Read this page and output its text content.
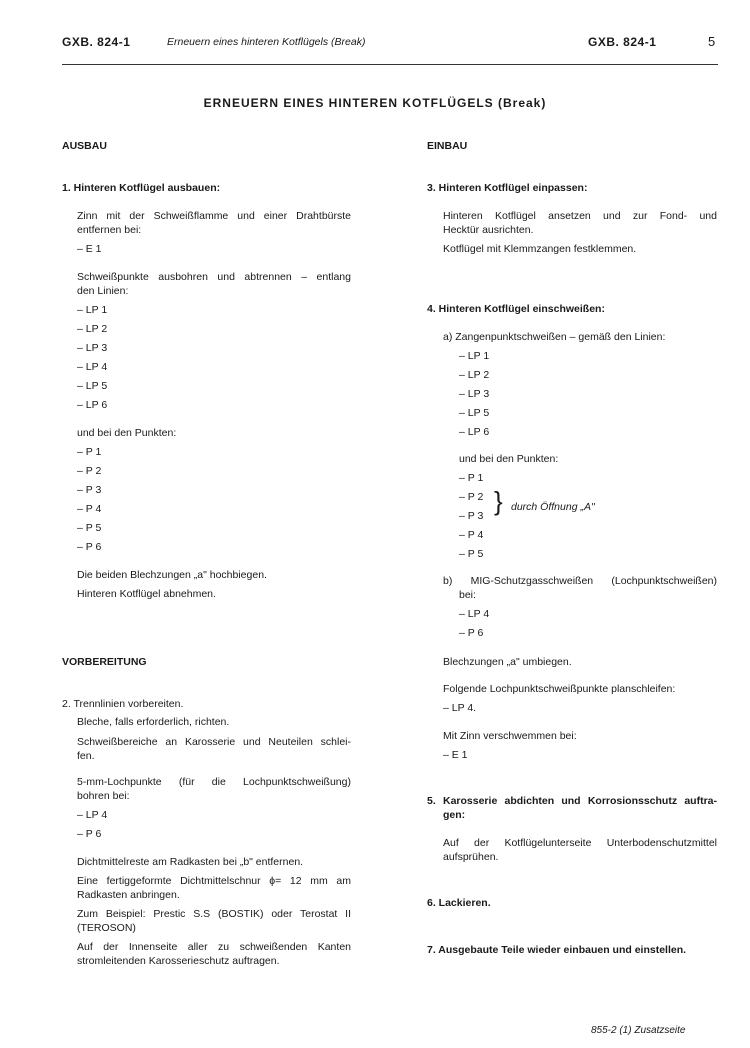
GXB. 824-1	Erneuern eines hinteren Kotflügels (Break)	GXB. 824-1	5
ERNEUERN EINES HINTEREN KOTFLÜGELS (Break)
AUSBAU
1. Hinteren Kotflügel ausbauen:
Zinn mit der Schweißflamme und einer Drahtbürste
entfernen bei:
– E 1
Schweißpunkte ausbohren und abtrennen – entlang
den Linien:
– LP 1
– LP 2
– LP 3
– LP 4
– LP 5
– LP 6
und bei den Punkten:
– P 1
– P 2
– P 3
– P 4
– P 5
– P 6
Die beiden Blechzungen „a" hochbiegen.
Hinteren Kotflügel abnehmen.
VORBEREITUNG
2. Trennlinien vorbereiten.
Bleche, falls erforderlich, richten.
Schweißbereiche an Karosserie und Neuteilen schlei-
fen.
5-mm-Lochpunkte (für die Lochpunktschweißung)
bohren bei:
– LP 4
– P 6
Dichtmittelreste am Radkasten bei „b" entfernen.
Eine fertiggeformte Dichtmittelschnur ϕ= 12 mm am
Radkasten anbringen.
Zum Beispiel: Prestic S.S (BOSTIK) oder Terostat II
(TEROSON)
Auf der Innenseite aller zu schweißenden Kanten
stromleitenden Karosserieschutz auftragen.
EINBAU
3. Hinteren Kotflügel einpassen:
Hinteren Kotflügel ansetzen und zur Fond- und
Hecktür ausrichten.
Kotflügel mit Klemmzangen festklemmen.
4. Hinteren Kotflügel einschweißen:
a) Zangenpunktschweißen – gemäß den Linien:
– LP 1
– LP 2
– LP 3
– LP 5
– LP 6
und bei den Punkten:
– P 1
– P 2
– P 3
– P 4
– P 5
} durch Öffnung „A"
b) MIG-Schutzgasschweißen (Lochpunktschweißen)
bei:
– LP 4
– P 6
Blechzungen „a" umbiegen.
Folgende Lochpunktschweißpunkte planschleifen:
– LP 4.
Mit Zinn verschwemmen bei:
– E 1
5. Karosserie abdichten und Korrosionsschutz auftra-
gen:
Auf der Kotflügelunterseite Unterbodenschutzmittel
aufsprühen.
6. Lackieren.
7. Ausgebaute Teile wieder einbauen und einstellen.
855-2 (1) Zusatzseite
